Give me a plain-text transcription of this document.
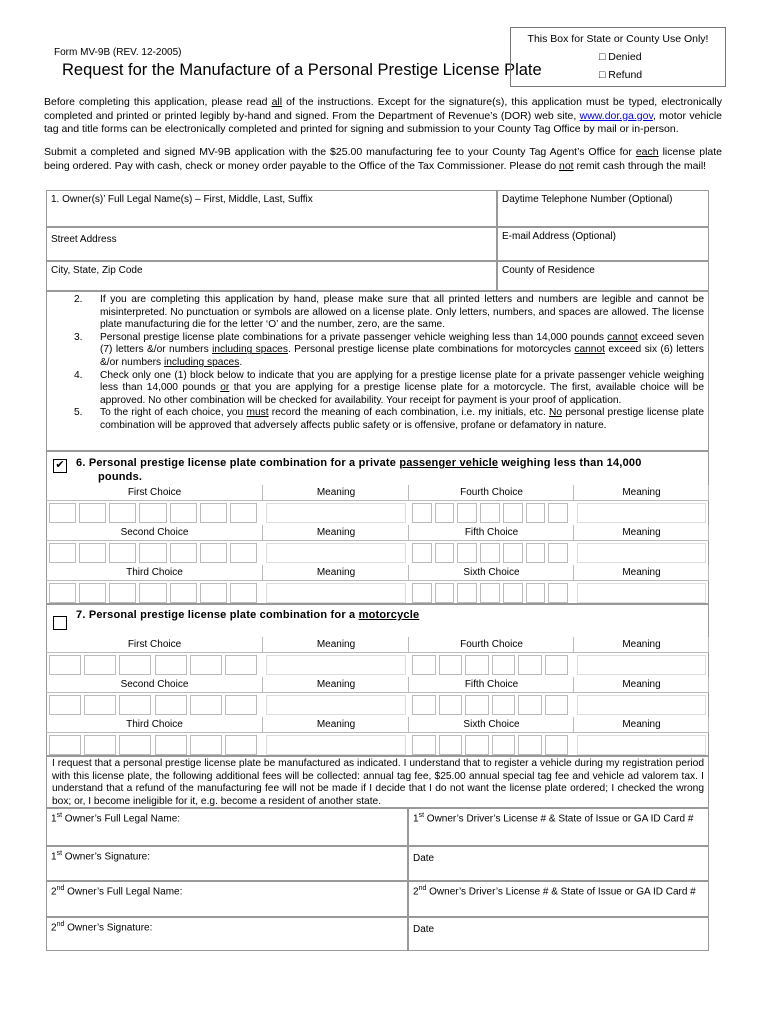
Form MV-9B (REV. 12-2005)
Request for the Manufacture of a Personal Prestige License Plate
This Box for State or County Use Only!
□ Denied
□ Refund
Before completing this application, please read all of the instructions. Except for the signature(s), this application must be typed, electronically completed and printed or printed legibly by-hand and signed. From the Department of Revenue’s (DOR) web site, www.dor.ga.gov, motor vehicle tag and title forms can be electronically completed and printed for signing and submission to your County Tag Office by mail or in-person.
Submit a completed and signed MV-9B application with the $25.00 manufacturing fee to your County Tag Agent’s Office for each license plate being ordered. Pay with cash, check or money order payable to the Office of the Tax Commissioner. Please do not remit cash through the mail!
1. Owner(s)’ Full Legal Name(s) – First, Middle, Last, Suffix	Daytime Telephone Number (Optional)
Street Address	E-mail Address (Optional)
City, State, Zip Code	County of Residence
2. If you are completing this application by hand, please make sure that all printed letters and numbers are legible and cannot be misinterpreted. No punctuation or symbols are allowed on a license plate. Only letters, numbers, and spaces are allowed. The license plate manufacturing die for the letter ‘O’ and the number, zero, are the same.
3. Personal prestige license plate combinations for a private passenger vehicle weighing less than 14,000 pounds cannot exceed seven (7) letters &/or numbers including spaces. Personal prestige license plate combinations for motorcycles cannot exceed six (6) letters &/or numbers including spaces.
4. Check only one (1) block below to indicate that you are applying for a prestige license plate for a private passenger vehicle weighing less than 14,000 pounds or that you are applying for a prestige license plate for a motorcycle. The first, available choice will be approved. No other combination will be checked for availability. Your receipt for payment is your proof of application.
5. To the right of each choice, you must record the meaning of each combination, i.e. my initials, etc. No personal prestige license plate combination will be approved that adversely affects public safety or is offensive, profane or defamatory in nature.
✔ 6. Personal prestige license plate combination for a private passenger vehicle weighing less than 14,000
pounds.
First Choice	Meaning	Fourth Choice	Meaning
Second Choice	Meaning	Fifth Choice	Meaning
Third Choice	Meaning	Sixth Choice	Meaning
7. Personal prestige license plate combination for a motorcycle
First Choice	Meaning	Fourth Choice	Meaning
Second Choice	Meaning	Fifth Choice	Meaning
Third Choice	Meaning	Sixth Choice	Meaning
I request that a personal prestige license plate be manufactured as indicated. I understand that to register a vehicle during my registration period with this license plate, the following additional fees will be collected: annual tag fee, $25.00 annual special tag fee and vehicle ad valorem tax. I understand that a refund of the manufacturing fee will not be made if I decide that I do not want the license plate ordered; I checked the wrong box; or, I become ineligible for it, e.g. become a resident of another state.
1st Owner’s Full Legal Name:	1st Owner’s Driver’s License # & State of Issue or GA ID Card #
1st Owner’s Signature:	Date
2nd Owner’s Full Legal Name:	2nd Owner’s Driver’s License # & State of Issue or GA ID Card #
2nd Owner’s Signature:	Date
